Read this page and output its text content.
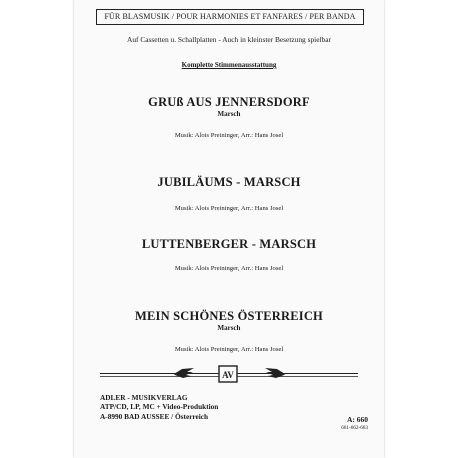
FÜR BLASMUSIK / POUR HARMONIES ET FANFARES / PER BANDA
Auf Cassetten u. Schallplatten - Auch in kleinster Besetzung spielbar
Komplette Stimmenausstattung
GRUß AUS JENNERSDORF
Marsch
Musik: Alois Preininger, Arr.: Hans Josel
JUBILÄUMS - MARSCH
Musik: Alois Preininger, Arr.: Hans Josel
LUTTENBERGER - MARSCH
Musik: Alois Preininger, Arr.: Hans Josel
MEIN SCHÖNES ÖSTERREICH
Marsch
Musik: Alois Preininger, Arr.: Hans Josel
AV
ADLER - MUSIKVERLAG
ATP/CD, LP, MC + Video-Produktion
A-8990 BAD AUSSEE / Österreich	A: 660
661-662-663
